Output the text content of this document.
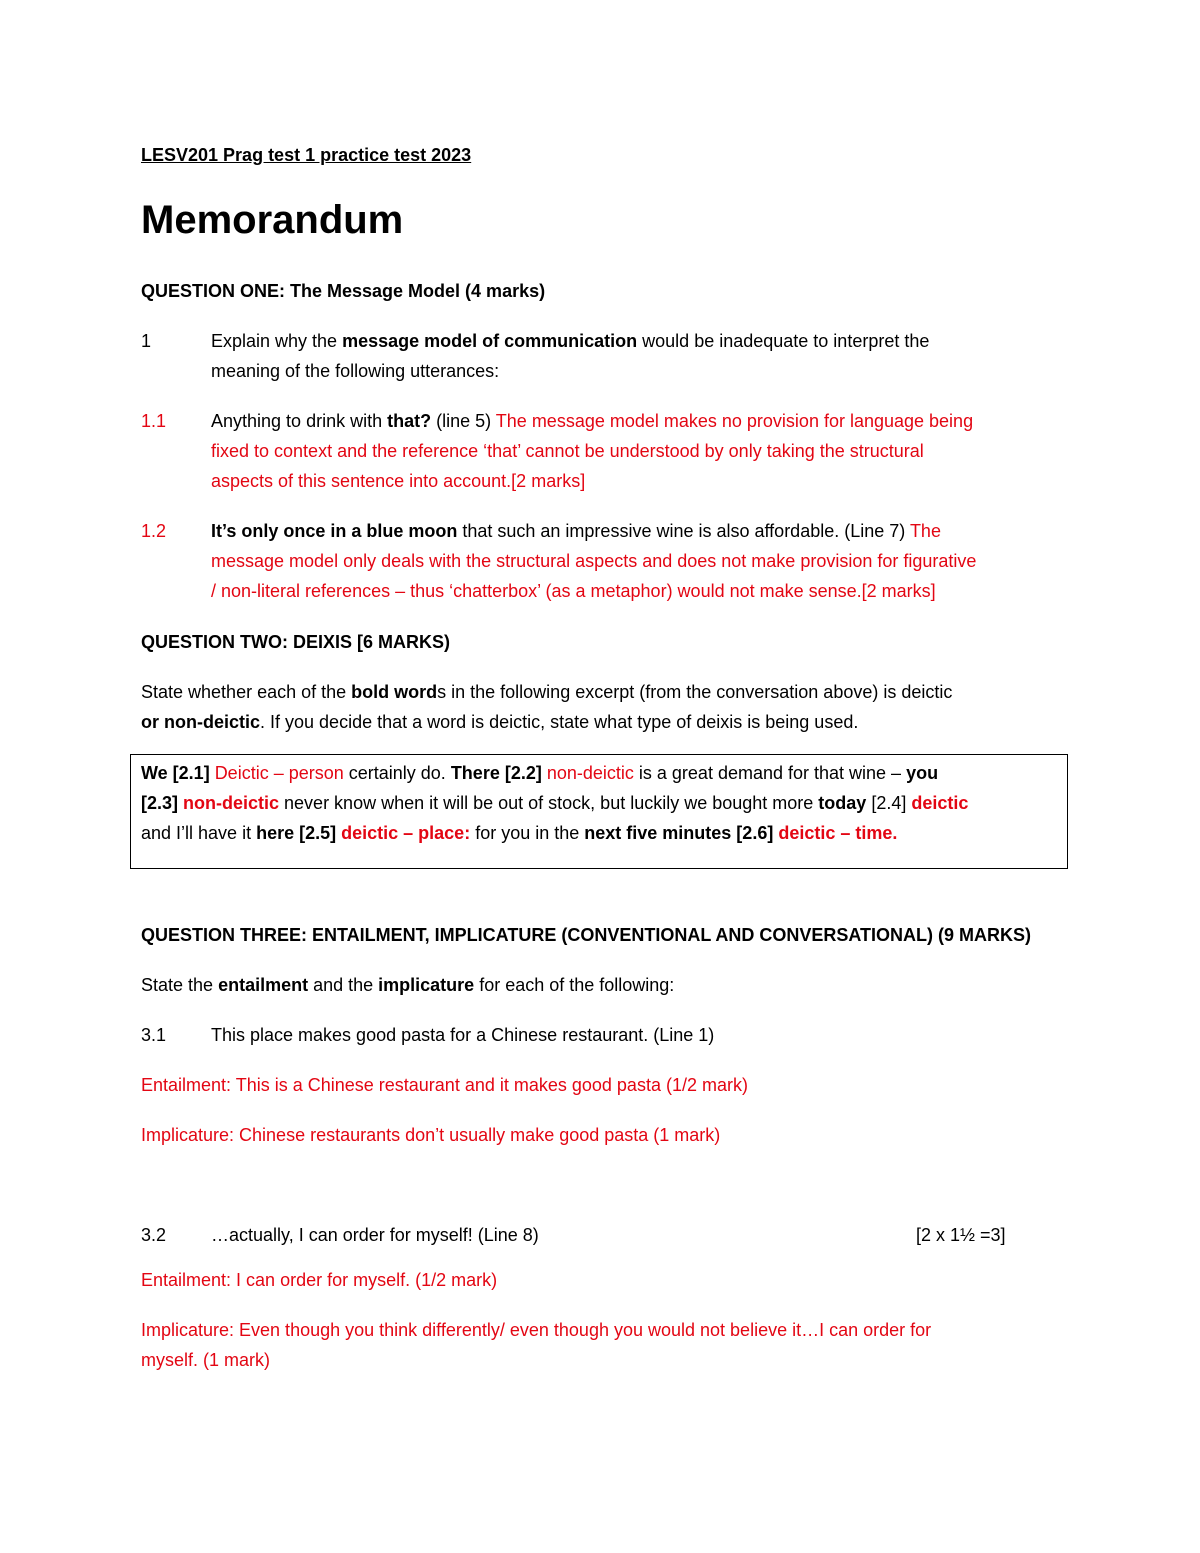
LESV201 Prag test 1 practice test 2023
Memorandum
QUESTION ONE: The Message Model (4 marks)
1	Explain why the message model of communication would be inadequate to interpret the
meaning of the following utterances:
1.1 Anything to drink with that? (line 5) The message model makes no provision for language being
fixed to context and the reference ‘that’ cannot be understood by only taking the structural
aspects of this sentence into account.[2 marks]
1.2 It’s only once in a blue moon that such an impressive wine is also affordable. (Line 7) The
message model only deals with the structural aspects and does not make provision for figurative
/ non-literal references – thus ‘chatterbox’ (as a metaphor) would not make sense.[2 marks]
QUESTION TWO: DEIXIS [6 MARKS)
State whether each of the bold words in the following excerpt (from the conversation above) is deictic
or non-deictic. If you decide that a word is deictic, state what type of deixis is being used.
We [2.1] Deictic – person certainly do. There [2.2] non-deictic is a great demand for that wine – you
[2.3] non-deictic never know when it will be out of stock, but luckily we bought more today [2.4] deictic
and I’ll have it here [2.5] deictic – place: for you in the next five minutes [2.6] deictic – time.
QUESTION THREE: ENTAILMENT, IMPLICATURE (CONVENTIONAL AND CONVERSATIONAL) (9 MARKS)
State the entailment and the implicature for each of the following:
3.1 This place makes good pasta for a Chinese restaurant. (Line 1)
Entailment: This is a Chinese restaurant and it makes good pasta (1/2 mark)
Implicature: Chinese restaurants don’t usually make good pasta (1 mark)
3.2 …actually, I can order for myself! (Line 8)	[2 x 1½ =3]
Entailment: I can order for myself. (1/2 mark)
Implicature: Even though you think differently/ even though you would not believe it…I can order for
myself. (1 mark)
